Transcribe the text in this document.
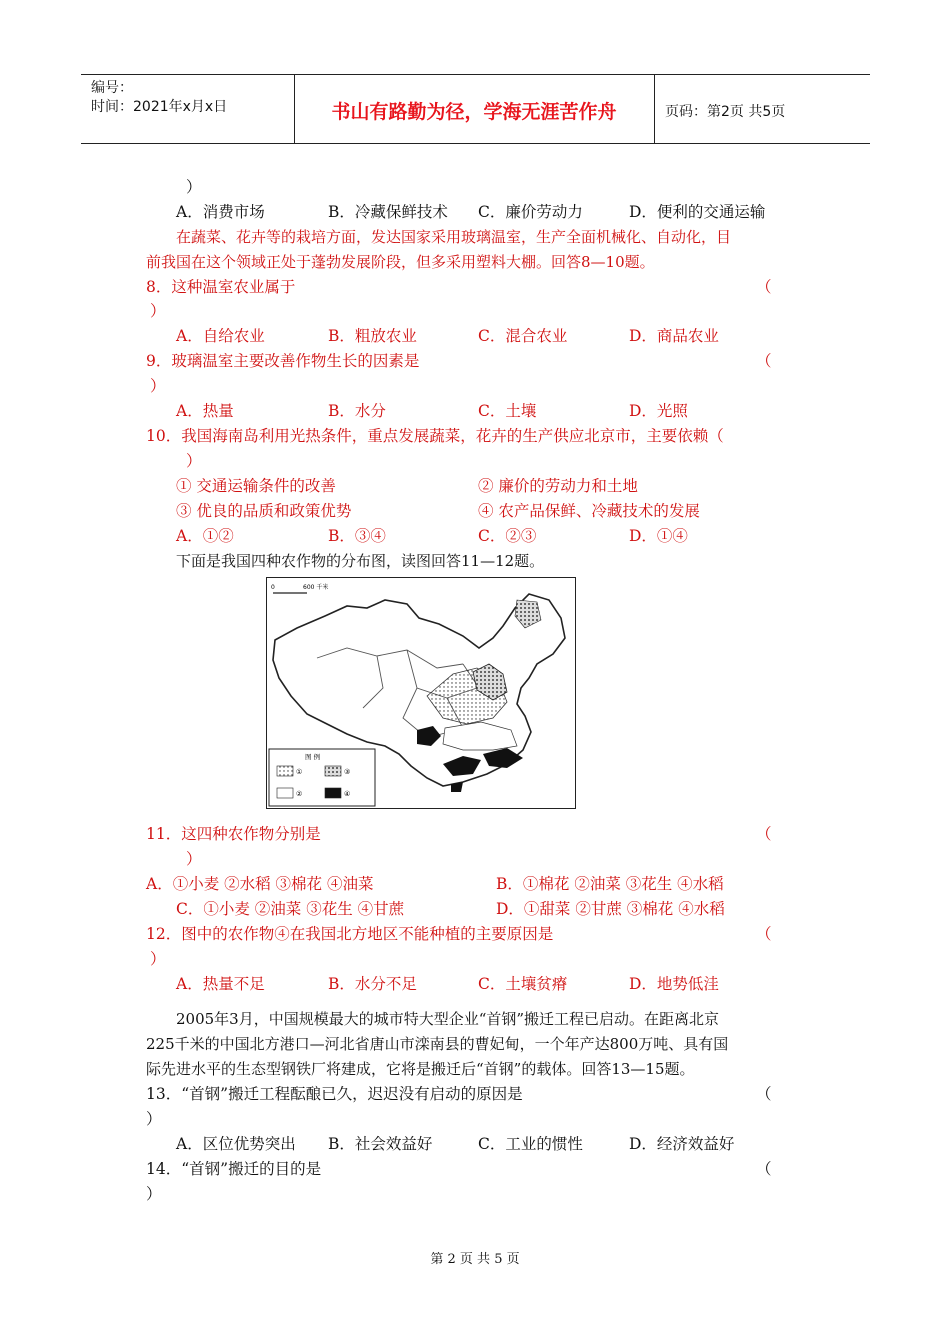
编号：
时间：2021年x月x日	书山有路勤为径，学海无涯苦作舟	页码：第2页 共5页
）
A．消费市场	B．冷藏保鲜技术 C．廉价劳动力	D．便利的交通运输
在蔬菜、花卉等的栽培方面，发达国家采用玻璃温室，生产全面机械化、自动化，目
前我国在这个领域正处于蓬勃发展阶段，但多采用塑料大棚。回答8—10题。
8．这种温室农业属于	（
）
A．自给农业	B．粗放农业	C．混合农业	D．商品农业
9．玻璃温室主要改善作物生长的因素是	（
）
A．热量	B．水分	C．土壤	D．光照
10．我国海南岛利用光热条件，重点发展蔬菜，花卉的生产供应北京市，主要依赖（
）
① 交通运输条件的改善	② 廉价的劳动力和土地
③ 优良的品质和政策优势	④ 农产品保鲜、冷藏技术的发展
A．①②	B．③④	C．②③	D．①④
下面是我国四种农作物的分布图，读图回答11—12题。
0	600 千米
图 例
①	③
②	④
11．这四种农作物分别是	（
）
A．①小麦 ②水稻 ③棉花 ④油菜	B．①棉花 ②油菜 ③花生 ④水稻
C．①小麦 ②油菜 ③花生 ④甘蔗	D．①甜菜 ②甘蔗 ③棉花 ④水稻
12．图中的农作物④在我国北方地区不能种植的主要原因是	（
）
A．热量不足	B．水分不足	C．土壤贫瘠	D．地势低洼
2005年3月，中国规模最大的城市特大型企业“首钢”搬迁工程已启动。在距离北京
225千米的中国北方港口—河北省唐山市滦南县的曹妃甸，一个年产达800万吨、具有国
际先进水平的生态型钢铁厂将建成，它将是搬迁后“首钢”的载体。回答13—15题。
13．“首钢”搬迁工程酝酿已久，迟迟没有启动的原因是	（
）
A．区位优势突出 B．社会效益好	C．工业的惯性	D．经济效益好
14．“首钢”搬迁的目的是	（
）
第 2 页 共 5 页
